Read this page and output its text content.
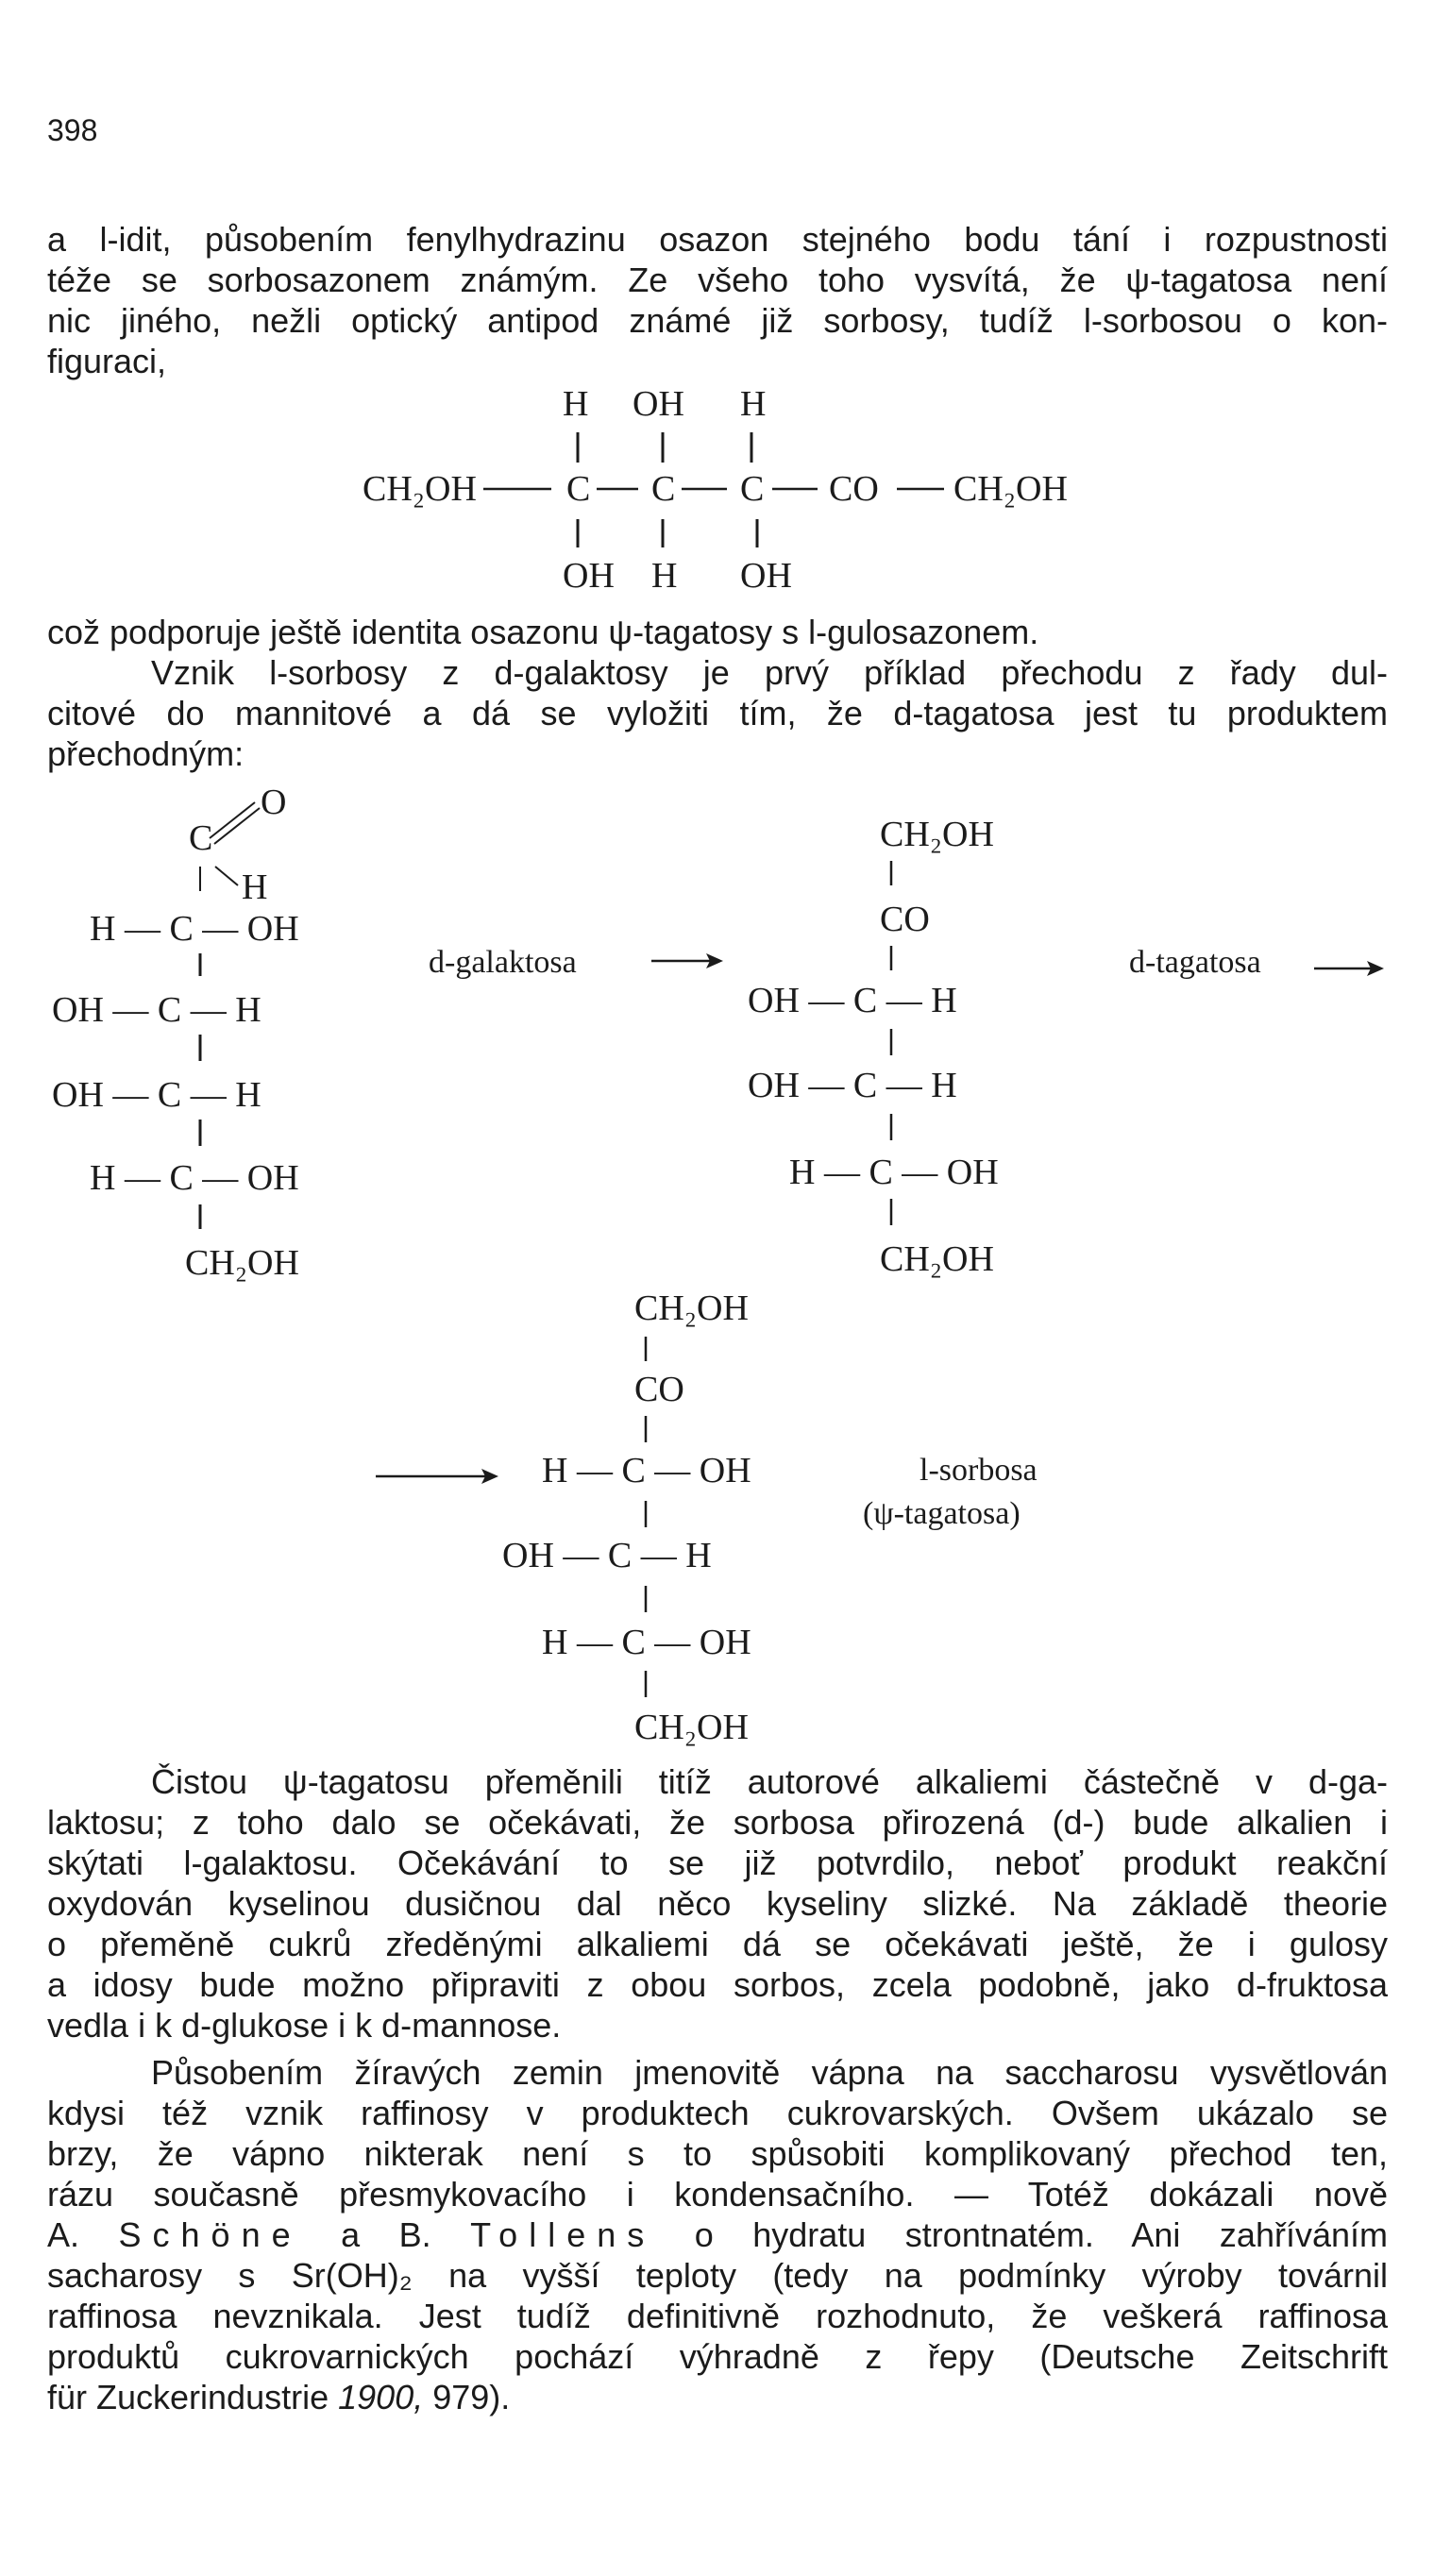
398
a l-idit, působením fenylhydrazinu osazon stejného bodu tání i rozpustnosti
téže se sorbosazonem známým. Ze všeho toho vysvítá, že ψ-tagatosa není
nic jiného, nežli optický antipod známé již sorbosy, tudíž l-sorbosou o kon-
figuraci,
H OH H
CH₂OH	C C C CO CH₂OH
OH H OH
což podporuje ještě identita osazonu ψ-tagatosy s l-gulosazonem.
Vznik l-sorbosy z d-galaktosy je prvý příklad přechodu z řady dul-
citové do mannitové a dá se vyložiti tím, že d-tagatosa jest tu produktem
přechodným:
O
C
H
H — C — OH
OH — C — H
OH — C — H
H — C — OH
CH₂OH
d-galaktosa
CH₂OH
CO
OH — C — H
OH — C — H
H — C — OH
CH₂OH
d-tagatosa
CH₂OH
CO
H — C — OH
OH — C — H
H — C — OH
CH₂OH
l-sorbosa
(ψ-tagatosa)
Čistou ψ-tagatosu přeměnili titíž autorové alkaliemi částečně v d-ga-
laktosu; z toho dalo se očekávati, že sorbosa přirozená (d-) bude alkalien i
skýtati l-galaktosu. Očekávání to se již potvrdilo, neboť produkt reakční
oxydován kyselinou dusičnou dal něco kyseliny slizké. Na základě theorie
o přeměně cukrů zředěnými alkaliemi dá se očekávati ještě, že i gulosy
a idosy bude možno připraviti z obou sorbos, zcela podobně, jako d-fruktosa
vedla i k d-glukose i k d-mannose.
Působením žíravých zemin jmenovitě vápna na saccharosu vysvětlován
kdysi též vznik raffinosy v produktech cukrovarských. Ovšem ukázalo se
brzy, že vápno nikterak není s to spůsobiti komplikovaný přechod ten,
rázu současně přesmykovacího i kondensačního. — Totéž dokázali nově
A. Schöne a B. Tollens o hydratu strontnatém. Ani zahříváním
sacharosy s Sr(OH)₂ na vyšší teploty (tedy na podmínky výroby továrnil
raffinosa nevznikala. Jest tudíž definitivně rozhodnuto, že veškerá raffinosa
produktů cukrovarnických pochází výhradně z řepy (Deutsche Zeitschrift
für Zuckerindustrie 1900, 979).
